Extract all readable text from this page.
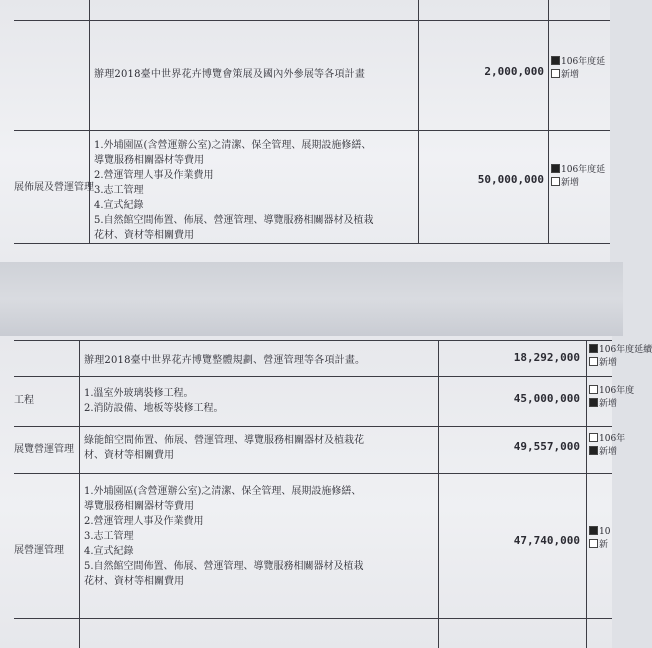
辦理2018臺中世界花卉博覽會策展及國內外參展等各項計畫	2,000,000
106年度延
新增
展佈展及營運管理
1.外埔園區(含營運辦公室)之清潔、保全管理、展期設施修繕、
導覽服務相關器材等費用
2.營運管理人事及作業費用
3.志工管理
4.宣式紀錄
5.自然館空間佈置、佈展、營運管理、導覽服務相關器材及植栽
花材、資材等相關費用
50,000,000
106年度延
新增
辦理2018臺中世界花卉博覽整體規劃、營運管理等各項計畫。	18,292,000
106年度延續
新增
工程
1.溫室外玻璃裝修工程。
2.消防設備、地板等裝修工程。
45,000,000
106年度
新增
展覽營運管理
綠能館空間佈置、佈展、營運管理、導覽服務相關器材及植栽花
材、資材等相關費用
49,557,000
106年
新增
展營運管理
1.外埔園區(含營運辦公室)之清潔、保全管理、展期設施修繕、
導覽服務相關器材等費用
2.營運管理人事及作業費用
3.志工管理
4.宣式紀錄
5.自然館空間佈置、佈展、營運管理、導覽服務相關器材及植栽
花材、資材等相關費用
47,740,000
10
新
